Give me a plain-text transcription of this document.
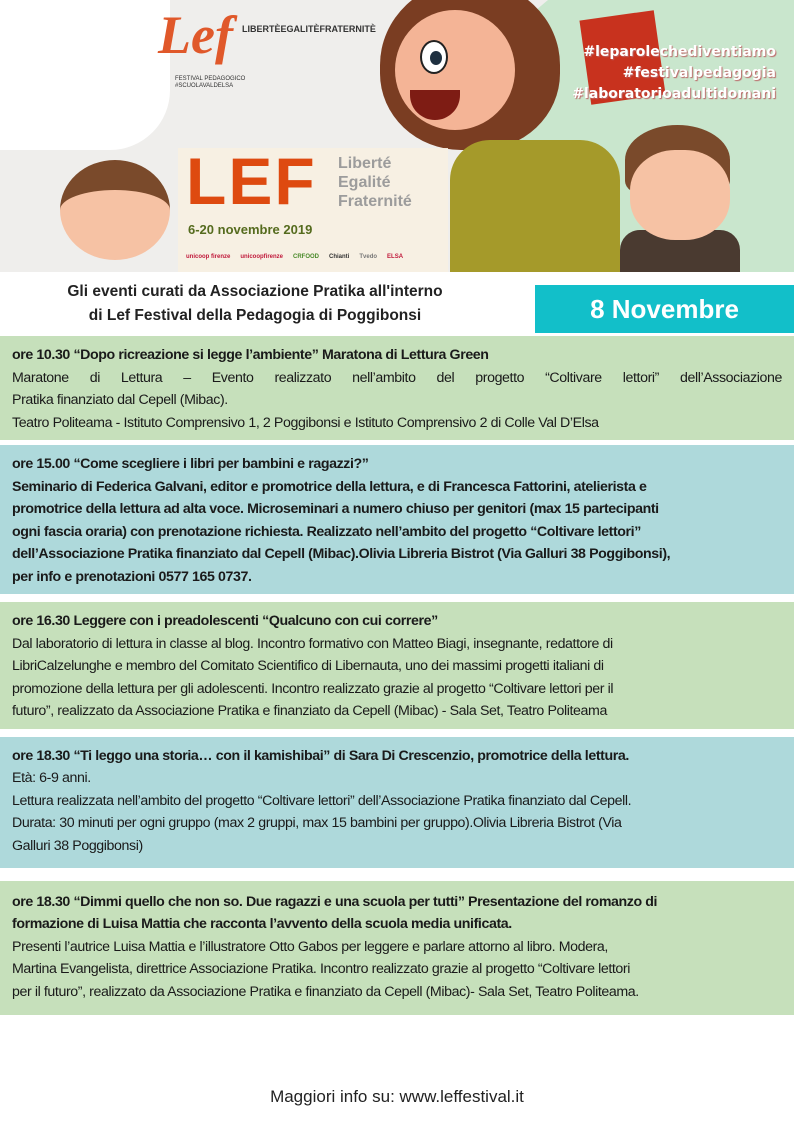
Lef LIBERTÈEGALITÈFRATERNITÈ
FESTIVAL PEDAGOGICO
#SCUOLAVALDELSA
#leparolechediventiamo
#festivalpedagogia
#laboratorioadultidomani
LEF Liberté
Egalité
Fraternité
6-20 novembre 2019
unicoop firenze unicoopfirenze CRFOOD Chianti Tvedo ELSA
Gli eventi curati da Associazione Pratika all'interno
di Lef Festival della Pedagogia di Poggibonsi	8 Novembre
ore 10.30 “Dopo ricreazione si legge l’ambiente” Maratona di Lettura Green
Maratone di Lettura – Evento realizzato nell’ambito del progetto “Coltivare lettori” dell’Associazione
Pratika finanziato dal Cepell (Mibac).
Teatro Politeama - Istituto Comprensivo 1, 2 Poggibonsi e Istituto Comprensivo 2 di Colle Val D’Elsa
ore 15.00 “Come scegliere i libri per bambini e ragazzi?”
Seminario di Federica Galvani, editor e promotrice della lettura, e di Francesca Fattorini, atelierista e
promotrice della lettura ad alta voce. Microseminari a numero chiuso per genitori (max 15 partecipanti
ogni fascia oraria) con prenotazione richiesta. Realizzato nell’ambito del progetto “Coltivare lettori”
dell’Associazione Pratika finanziato dal Cepell (Mibac).Olivia Libreria Bistrot (Via Galluri 38 Poggibonsi),
per info e prenotazioni 0577 165 0737.
ore 16.30 Leggere con i preadolescenti “Qualcuno con cui correre”
Dal laboratorio di lettura in classe al blog. Incontro formativo con Matteo Biagi, insegnante, redattore di
LibriCalzelunghe e membro del Comitato Scientifico di Libernauta, uno dei massimi progetti italiani di
promozione della lettura per gli adolescenti. Incontro realizzato grazie al progetto “Coltivare lettori per il
futuro”, realizzato da Associazione Pratika e finanziato da Cepell (Mibac) - Sala Set, Teatro Politeama
ore 18.30 “Ti leggo una storia… con il kamishibai” di Sara Di Crescenzio, promotrice della lettura.
Età: 6-9 anni.
Lettura realizzata nell’ambito del progetto “Coltivare lettori” dell’Associazione Pratika finanziato dal Cepell.
Durata: 30 minuti per ogni gruppo (max 2 gruppi, max 15 bambini per gruppo).Olivia Libreria Bistrot (Via
Galluri 38 Poggibonsi)
ore 18.30 “Dimmi quello che non so. Due ragazzi e una scuola per tutti” Presentazione del romanzo di
formazione di Luisa Mattia che racconta l’avvento della scuola media unificata.
Presenti l’autrice Luisa Mattia e l’illustratore Otto Gabos per leggere e parlare attorno al libro. Modera,
Martina Evangelista, direttrice Associazione Pratika. Incontro realizzato grazie al progetto “Coltivare lettori
per il futuro”, realizzato da Associazione Pratika e finanziato da Cepell (Mibac)- Sala Set, Teatro Politeama.
Maggiori info su: www.leffestival.it
